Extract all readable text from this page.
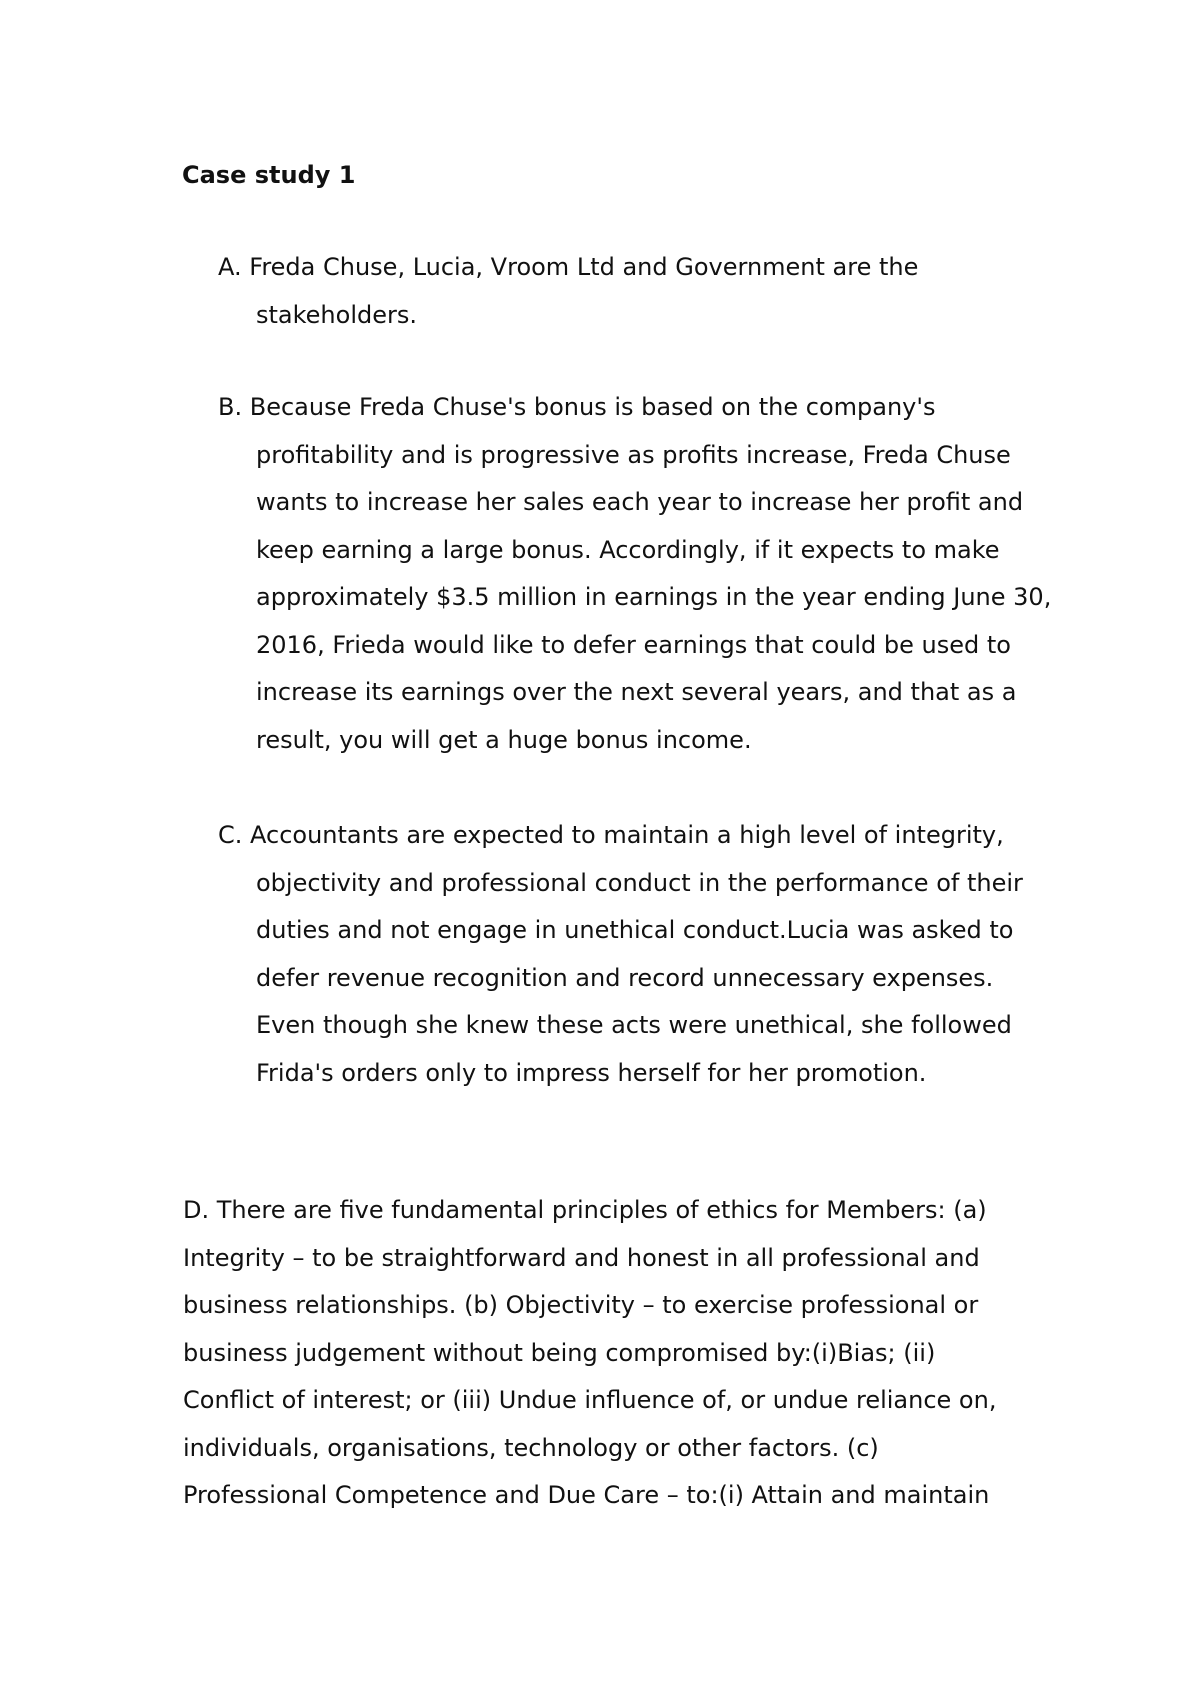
Case study 1

A. Freda Chuse, Lucia, Vroom Ltd and Government are the stakeholders.

B. Because Freda Chuse's bonus is based on the company's profitability and is progressive as profits increase, Freda Chuse wants to increase her sales each year to increase her profit and keep earning a large bonus. Accordingly, if it expects to make approximately $3.5 million in earnings in the year ending June 30, 2016, Frieda would like to defer earnings that could be used to increase its earnings over the next several years, and that as a result, you will get a huge bonus income.

C. Accountants are expected to maintain a high level of integrity, objectivity and professional conduct in the performance of their duties and not engage in unethical conduct.Lucia was asked to defer revenue recognition and record unnecessary expenses. Even though she knew these acts were unethical, she followed Frida's orders only to impress herself for her promotion.

D. There are five fundamental principles of ethics for Members: (a) Integrity – to be straightforward and honest in all professional and business relationships. (b) Objectivity – to exercise professional or business judgement without being compromised by:(i)Bias; (ii) Conflict of interest; or (iii) Undue influence of, or undue reliance on, individuals, organisations, technology or other factors. (c) Professional Competence and Due Care – to:(i) Attain and maintain
